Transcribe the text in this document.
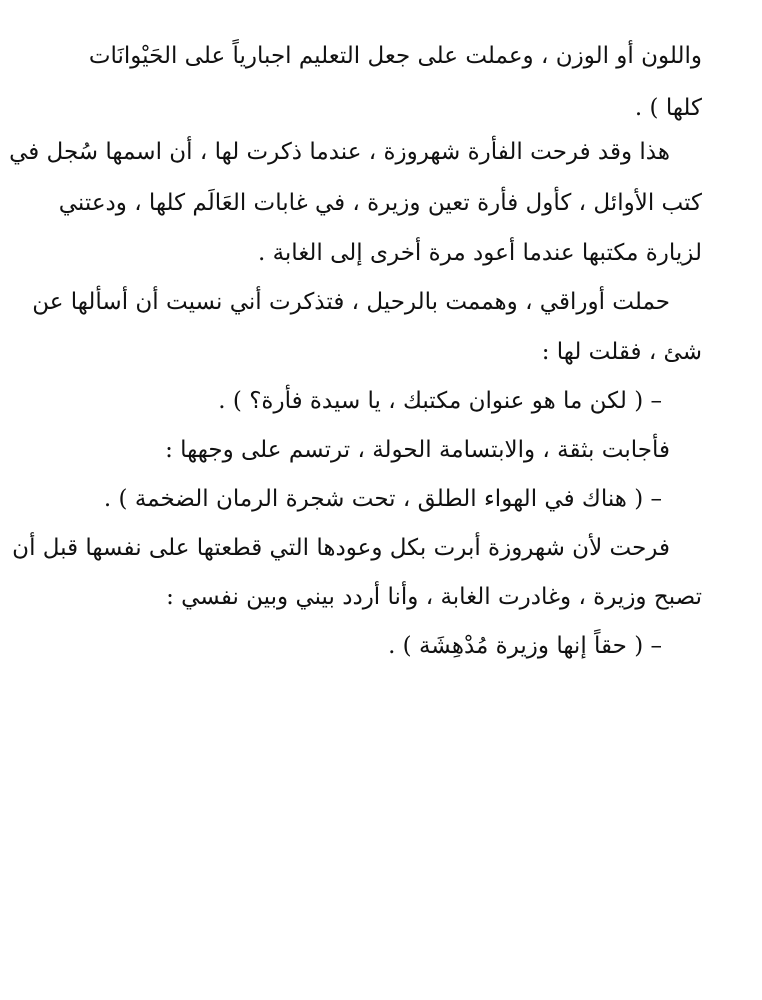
واللون أو الوزن ، وعملت على جعل التعليم اجبارياً على الحَيْوانَات
كلها ) .
هذا وقد فرحت الفأرة شهروزة ، عندما ذكرت لها ، أن اسمها سُجل في
كتب الأوائل ، كأول فأرة تعين وزيرة ، في غابات العَالَم كلها ، ودعتني
لزيارة مكتبها عندما أعود مرة أخرى إلى الغابة .
حملت أوراقي ، وهممت بالرحيل ، فتذكرت أني نسيت أن أسألها عن
شئ ، فقلت لها :
– ( لكن ما هو عنوان مكتبك ، يا سيدة فأرة؟ ) .
فأجابت بثقة ، والابتسامة الحولة ، ترتسم على وجهها :
– ( هناك في الهواء الطلق ، تحت شجرة الرمان الضخمة ) .
فرحت لأن شهروزة أبرت بكل وعودها التي قطعتها على نفسها قبل أن
تصبح وزيرة ، وغادرت الغابة ، وأنا أردد بيني وبين نفسي :
– ( حقاً إنها وزيرة مُدْهِشَة ) .
